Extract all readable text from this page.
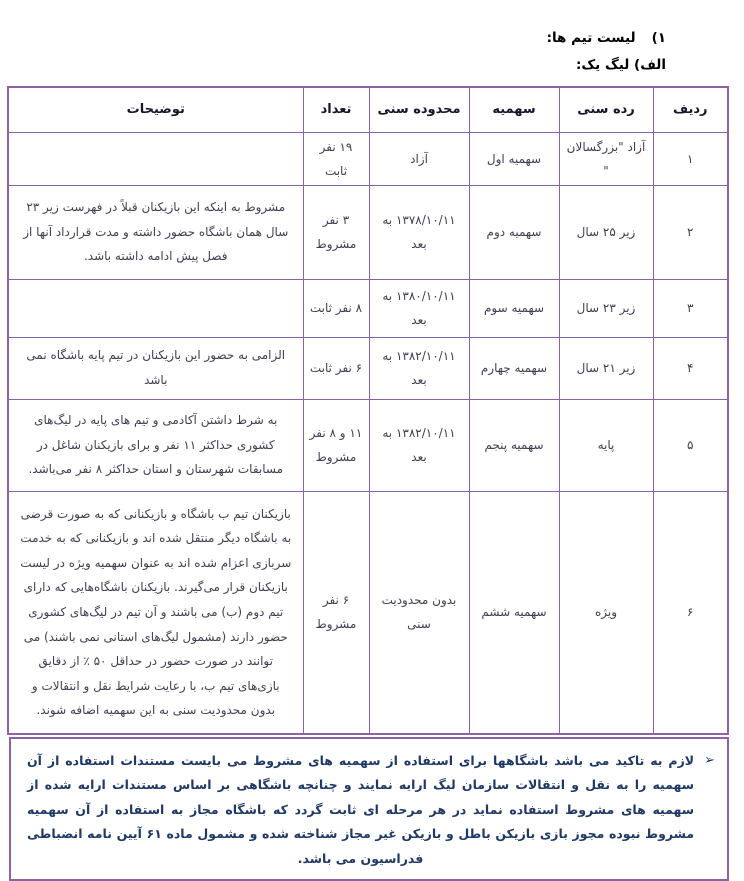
۱)
لیست تیم ها:
الف) لیگ یک:
ردیف	رده سنی	سهمیه	محدوده سنی	تعداد	توضیحات
۱	آزاد "بزرگسالان "	سهمیه اول	آزاد	۱۹ نفر ثابت	
۲	زیر ۲۵ سال	سهمیه دوم	۱۳۷۸/۱۰/۱۱ به بعد	۳ نفر مشروط	مشروط به اینکه این بازیکنان قبلاً در فهرست زیر ۲۳ سال همان باشگاه حضور داشته و مدت قرارداد آنها از فصل پیش ادامه داشته باشد.
۳	زیر ۲۳ سال	سهمیه سوم	۱۳۸۰/۱۰/۱۱ به بعد	۸ نفر ثابت	
۴	زیر ۲۱ سال	سهمیه چهارم	۱۳۸۲/۱۰/۱۱ به بعد	۶ نفر ثابت	الزامی به حضور این بازیکنان در تیم پایه باشگاه نمی باشد
۵	پایه	سهمیه پنجم	۱۳۸۲/۱۰/۱۱ به بعد	۱۱ و ۸ نفر مشروط	به شرط داشتن آکادمی و تیم های پایه در لیگ‌های کشوری حداکثر ۱۱ نفر و برای بازیکنان شاغل در مسابقات شهرستان و استان حداکثر ۸ نفر می‌باشد.
۶	ویژه	سهمیه ششم	بدون محدودیت سنی	۶ نفر مشروط	بازیکنان تیم ب باشگاه و بازیکنانی که به صورت قرضی به باشگاه دیگر منتقل شده اند و بازیکنانی که به خدمت سربازی اعزام شده اند به عنوان سهمیه ویژه در لیست بازیکنان قرار می‌گیرند. بازیکنان باشگاه‌هایی که دارای تیم دوم (ب) می باشند و آن تیم در لیگ‌های کشوری حضور دارند (مشمول لیگ‌های استانی نمی باشند) می توانند در صورت حضور در حداقل ۵۰ ٪ از دقایق بازی‌های تیم ب، با رعایت شرایط نقل و انتقالات و بدون محدودیت سنی به این سهمیه اضافه شوند.
➢
لازم به تاکید می باشد باشگاهها برای استفاده از سهمیه های مشروط می بایست مستندات استفاده از آن سهمیه را به نقل و انتقالات سازمان لیگ ارایه نمایند و چنانچه باشگاهی بر اساس مستندات ارایه شده از سهمیه های مشروط استفاده نماید در هر مرحله ای ثابت گردد که باشگاه مجاز به استفاده از آن سهمیه مشروط نبوده مجوز بازی بازیکن باطل و بازیکن غیر مجاز شناخته شده و مشمول ماده ۶۱ آیین نامه انضباطی فدراسیون می باشد.
